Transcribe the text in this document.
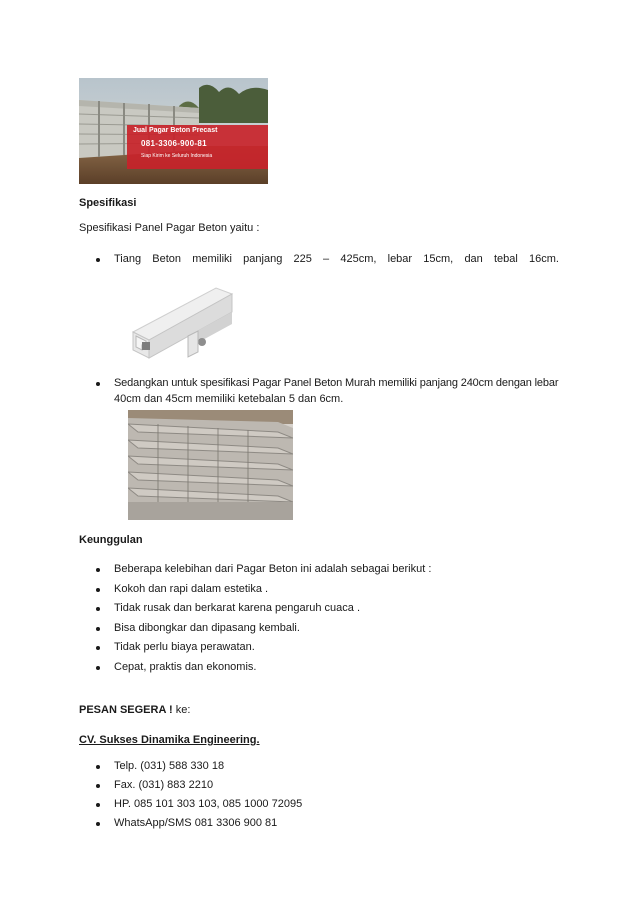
Jual Pagar Beton Precast
081-3306-900-81
Siap Kirim ke Seluruh Indonesia
Spesifikasi
Spesifikasi Panel Pagar Beton yaitu :
Tiang Beton memiliki panjang 225 – 425cm, lebar 15cm, dan tebal 16cm.
Sedangkan untuk spesifikasi Pagar Panel Beton Murah memiliki panjang 240cm dengan lebar
40cm dan 45cm memiliki ketebalan 5 dan 6cm.
Keunggulan
Beberapa kelebihan dari Pagar Beton ini adalah sebagai berikut :
Kokoh dan rapi dalam estetika .
Tidak rusak dan berkarat karena pengaruh cuaca .
Bisa dibongkar dan dipasang kembali.
Tidak perlu biaya perawatan.
Cepat, praktis dan ekonomis.
PESAN SEGERA ! ke:
CV. Sukses Dinamika Engineering.
Telp. (031) 588 330 18
Fax. (031) 883 2210
HP. 085 101 303 103, 085 1000 72095
WhatsApp/SMS 081 3306 900 81
